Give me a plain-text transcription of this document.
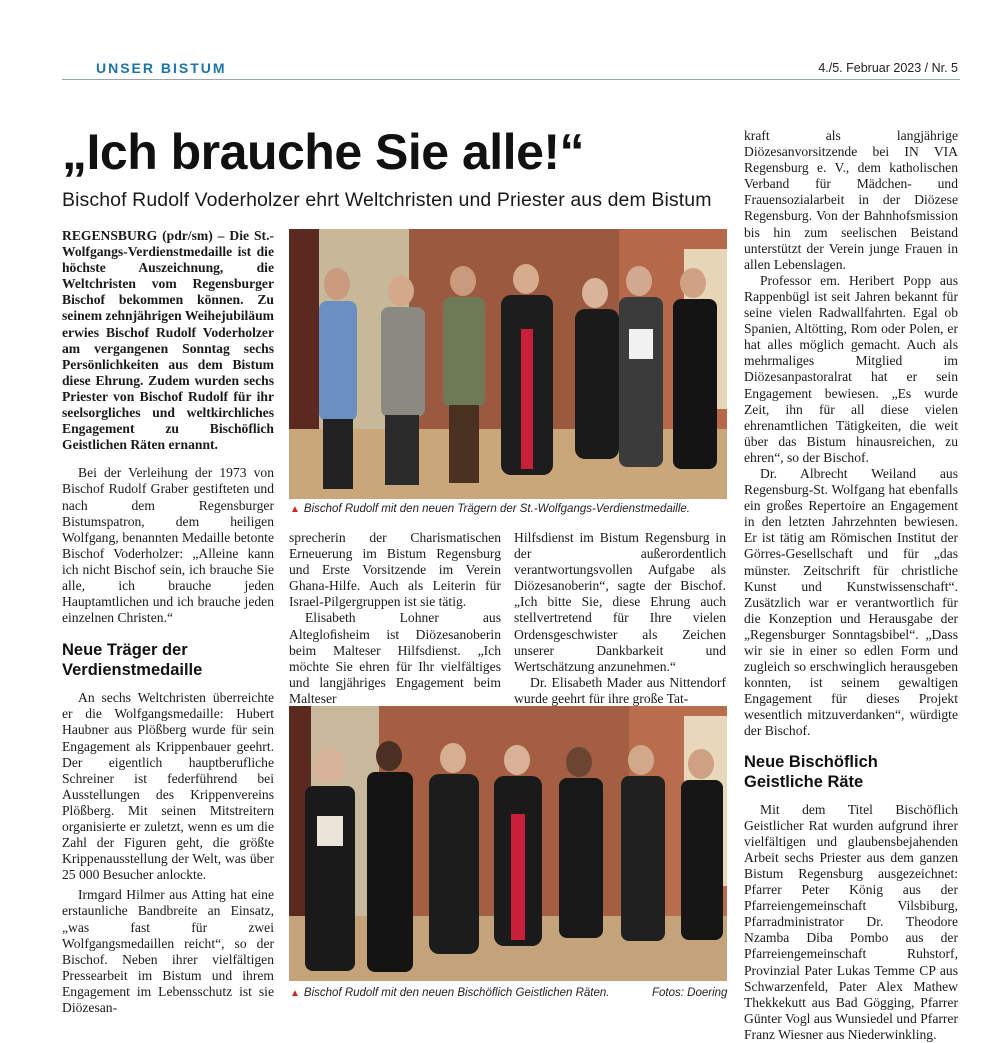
UNSER BISTUM	4./5. Februar 2023 / Nr. 5
„Ich brauche Sie alle!“
Bischof Rudolf Voderholzer ehrt Weltchristen und Priester aus dem Bistum

REGENSBURG (pdr/sm) – Die St.-Wolfgangs-Verdienstmedaille ist die höchste Auszeichnung, die Weltchristen vom Regensburger Bischof bekommen können. Zu seinem zehnjährigen Weihejubiläum erwies Bischof Rudolf Voderholzer am vergangenen Sonntag sechs Persönlichkeiten aus dem Bistum diese Ehrung. Zudem wurden sechs Priester von Bischof Rudolf für ihr seelsorgliches und weltkirchliches Engagement zu Bischöflich Geistlichen Räten ernannt.

Bei der Verleihung der 1973 von Bischof Rudolf Graber gestifteten und nach dem Regensburger Bistumspatron, dem heiligen Wolfgang, benannten Medaille betonte Bischof Voderholzer: „Alleine kann ich nicht Bischof sein, ich brauche Sie alle, ich brauche jeden Hauptamtlichen und ich brauche jeden einzelnen Christen.“

Neue Träger der Verdienstmedaille

An sechs Weltchristen überreichte er die Wolfgangsmedaille: Hubert Haubner aus Plößberg wurde für sein Engagement als Krippenbauer geehrt. Der eigentlich hauptberufliche Schreiner ist federführend bei Ausstellungen des Krippenvereins Plößberg. Mit seinen Mitstreitern organisierte er zuletzt, wenn es um die Zahl der Figuren geht, die größte Krippenausstellung der Welt, was über 25 000 Besucher anlockte.

Irmgard Hilmer aus Atting hat eine erstaunliche Bandbreite an Einsatz, „was fast für zwei Wolfgangsmedaillen reicht“, so der Bischof. Neben ihrer vielfältigen Pressearbeit im Bistum und ihrem Engagement im Lebensschutz ist sie Diözesan-

▲ Bischof Rudolf mit den neuen Trägern der St.-Wolfgangs-Verdienstmedaille.

sprecherin der Charismatischen Erneuerung im Bistum Regensburg und Erste Vorsitzende im Verein Ghana-Hilfe. Auch als Leiterin für Israel-Pilgergruppen ist sie tätig.

Elisabeth Lohner aus Altegloﬁsheim ist Diözesanoberin beim Malteser Hilfsdienst. „Ich möchte Sie ehren für Ihr vielfältiges und langjähriges Engagement beim Malteser

Hilfsdienst im Bistum Regensburg in der außerordentlich verantwortungsvollen Aufgabe als Diözesanoberin“, sagte der Bischof. „Ich bitte Sie, diese Ehrung auch stellvertretend für Ihre vielen Ordensgeschwister als Zeichen unserer Dankbarkeit und Wertschätzung anzunehmen.“

Dr. Elisabeth Mader aus Nittendorf wurde geehrt für ihre große Tat-

▲ Bischof Rudolf mit den neuen Bischöflich Geistlichen Räten.	Fotos: Doering

kraft als langjährige Diözesanvorsitzende bei IN VIA Regensburg e. V., dem katholischen Verband für Mädchen- und Frauensozialarbeit in der Diözese Regensburg. Von der Bahnhofsmission bis hin zum seelischen Beistand unterstützt der Verein junge Frauen in allen Lebenslagen.

Professor em. Heribert Popp aus Rappenbügl ist seit Jahren bekannt für seine vielen Radwallfahrten. Egal ob Spanien, Altötting, Rom oder Polen, er hat alles möglich gemacht. Auch als mehrmaliges Mitglied im Diözesanpastoralrat hat er sein Engagement bewiesen. „Es wurde Zeit, ihn für all diese vielen ehrenamtlichen Tätigkeiten, die weit über das Bistum hinausreichen, zu ehren“, so der Bischof.

Dr. Albrecht Weiland aus Regensburg-St. Wolfgang hat ebenfalls ein großes Repertoire an Engagement in den letzten Jahrzehnten bewiesen. Er ist tätig am Römischen Institut der Görres-Gesellschaft und für „das münster. Zeitschrift für christliche Kunst und Kunstwissenschaft“. Zusätzlich war er verantwortlich für die Konzeption und Herausgabe der „Regensburger Sonntagsbibel“. „Dass wir sie in einer so edlen Form und zugleich so erschwinglich herausgeben konnten, ist seinem gewaltigen Engagement für dieses Projekt wesentlich mitzuverdanken“, würdigte der Bischof.

Neue Bischöflich Geistliche Räte

Mit dem Titel Bischöflich Geistlicher Rat wurden aufgrund ihrer vielfältigen und glaubensbejahenden Arbeit sechs Priester aus dem ganzen Bistum Regensburg ausgezeichnet: Pfarrer Peter König aus der Pfarreiengemeinschaft Vilsbiburg, Pfarradministrator Dr. Theodore Nzamba Diba Pombo aus der Pfarreiengemeinschaft Ruhstorf, Provinzial Pater Lukas Temme CP aus Schwarzenfeld, Pater Alex Mathew Thekkekutt aus Bad Gögging, Pfarrer Günter Vogl aus Wunsiedel und Pfarrer Franz Wiesner aus Niederwinkling.
